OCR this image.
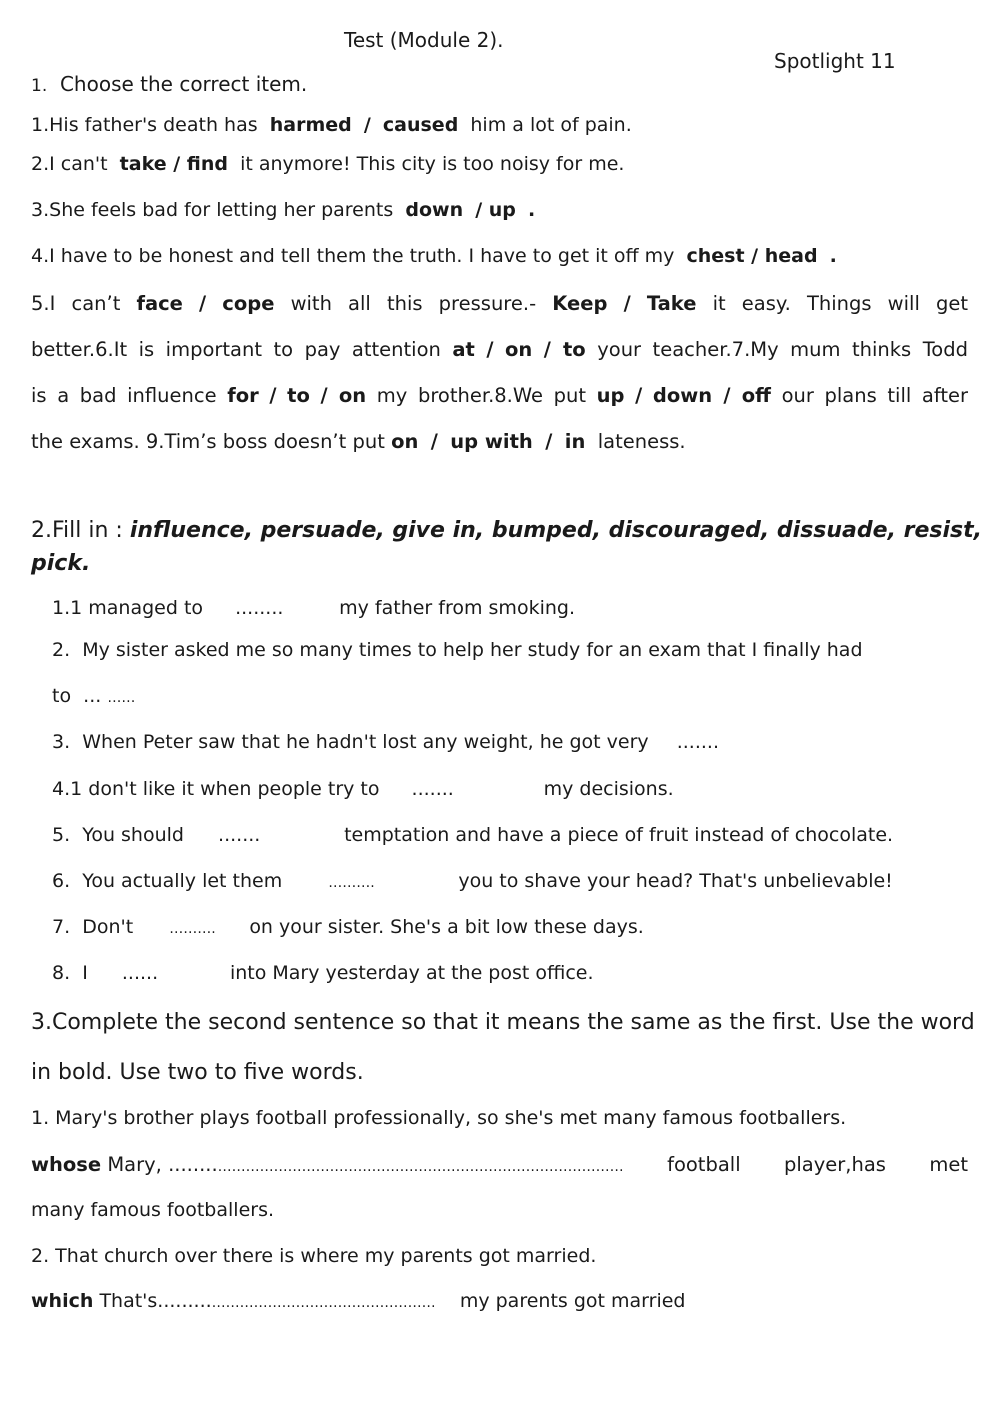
Test (Module 2).
Spotlight 11
1. Choose the correct item.
1.His father's death has harmed / caused him a lot of pain.
2.I can't take / find it anymore! This city is too noisy for me.
3.She feels bad for letting her parents down / up .
4.I have to be honest and tell them the truth. I have to get it off my chest / head .
5.I can’t face / cope with all this pressure.- Keep / Take it easy. Things will get
better.6.It is important to pay attention at / on / to your teacher.7.My mum thinks Todd
is a bad influence for / to / on my brother.8.We put up / down / off our plans till after
the exams. 9.Tim’s boss doesn’t put on / up with / in lateness.
2.Fill in : influence, persuade, give in, bumped, discouraged, dissuade, resist,
pick.
1.1 managed to ........	my father from smoking.
2. My sister asked me so many times to help her study for an exam that I finally had
to ... ……
3. When Peter saw that he hadn't lost any weight, he got very .......
4.1 don't like it when people try to .......	my decisions.
5. You should .......	temptation and have a piece of fruit instead of chocolate.
6. You actually let them	……….	you to shave your head? That's unbelievable!
7. Don't	………. on your sister. She's a bit low these days.
8. I ......	into Mary yesterday at the post office.
3.Complete the second sentence so that it means the same as the first. Use the word
in bold. Use two to five words.
1. Mary's brother plays football professionally, so she's met many famous footballers.
whose Mary, ........…………………………………………………………………………… football player,has met
many famous footballers.
2. That church over there is where my parents got married.
which That's.........………………………………………… my parents got married
